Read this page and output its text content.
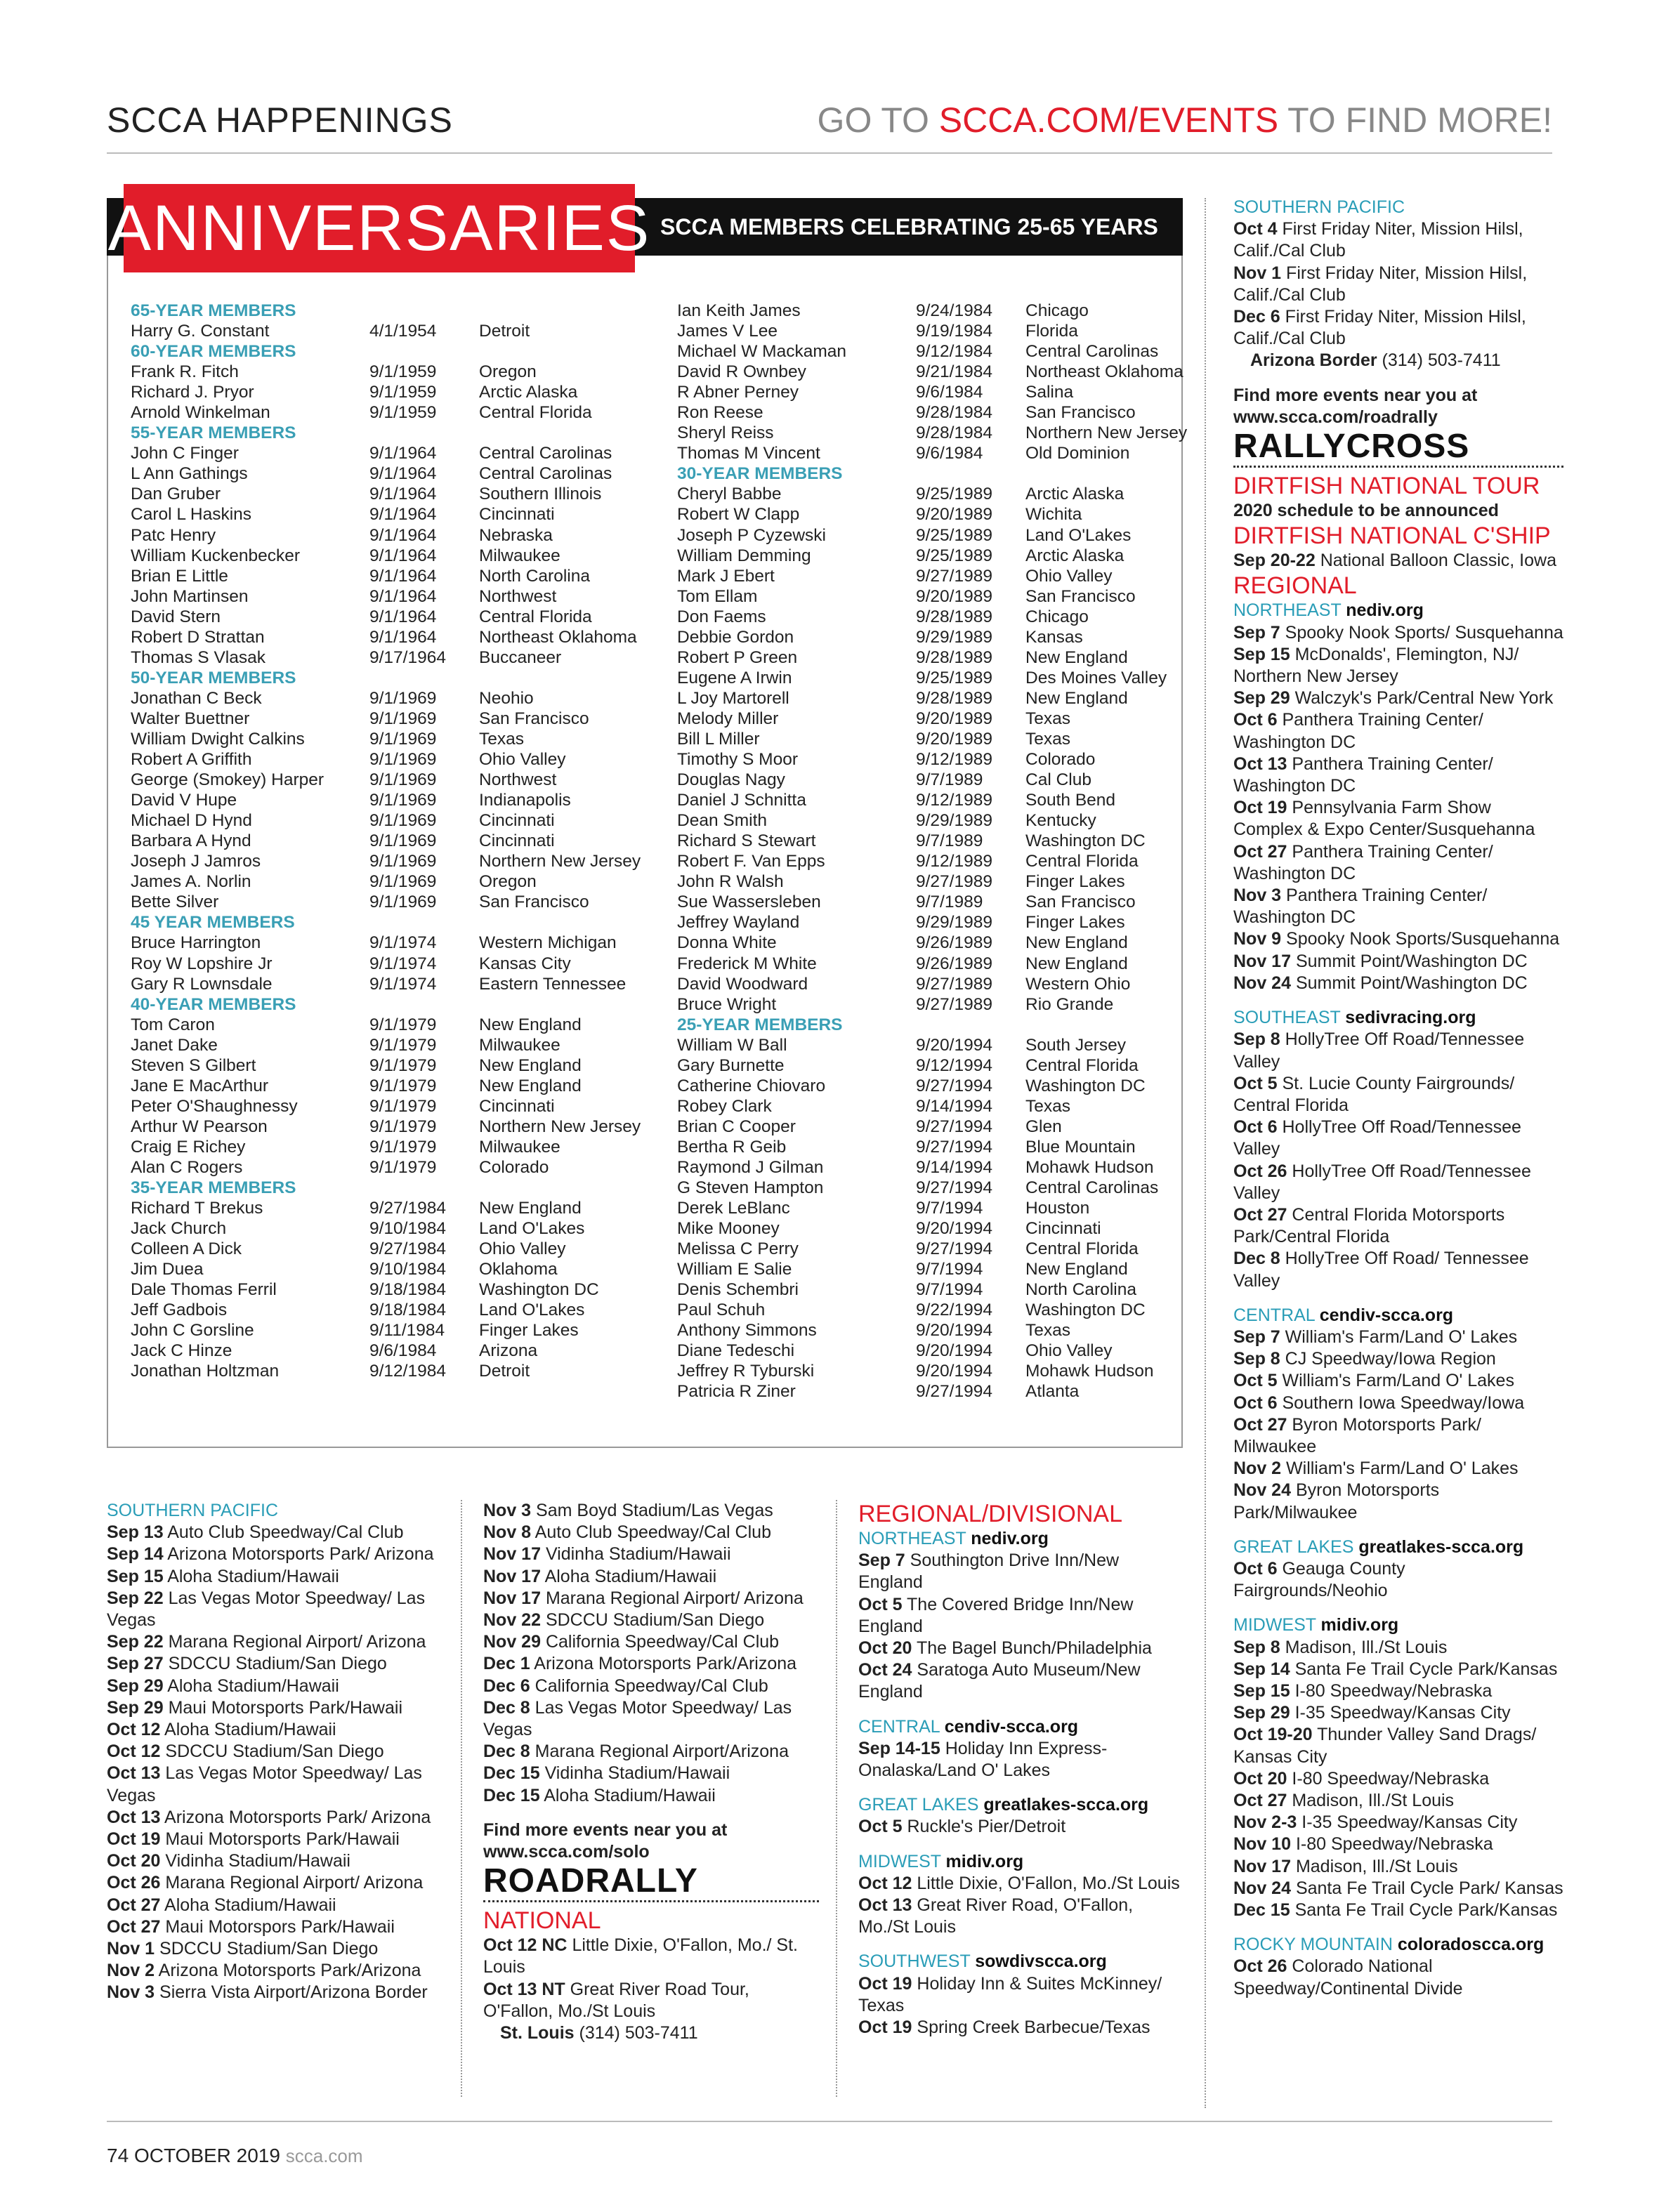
SCCA HAPPENINGS	GO TO SCCA.COM/EVENTS TO FIND MORE!
ANNIVERSARIES SCCA MEMBERS CELEBRATING 25-65 YEARS
65-YEAR MEMBERS
Harry G. Constant	4/1/1954	Detroit
60-YEAR MEMBERS
Frank R. Fitch	9/1/1959	Oregon
Richard J. Pryor	9/1/1959	Arctic Alaska
Arnold Winkelman	9/1/1959	Central Florida
55-YEAR MEMBERS
John C Finger	9/1/1964	Central Carolinas
L Ann Gathings	9/1/1964	Central Carolinas
Dan Gruber	9/1/1964	Southern Illinois
Carol L Haskins	9/1/1964	Cincinnati
Patc Henry	9/1/1964	Nebraska
William Kuckenbecker	9/1/1964	Milwaukee
Brian E Little	9/1/1964	North Carolina
John Martinsen	9/1/1964	Northwest
David Stern	9/1/1964	Central Florida
Robert D Strattan	9/1/1964	Northeast Oklahoma
Thomas S Vlasak	9/17/1964	Buccaneer
50-YEAR MEMBERS
Jonathan C Beck	9/1/1969	Neohio
Walter Buettner	9/1/1969	San Francisco
William Dwight Calkins	9/1/1969	Texas
Robert A Griffith	9/1/1969	Ohio Valley
George (Smokey) Harper	9/1/1969	Northwest
David V Hupe	9/1/1969	Indianapolis
Michael D Hynd	9/1/1969	Cincinnati
Barbara A Hynd	9/1/1969	Cincinnati
Joseph J Jamros	9/1/1969	Northern New Jersey
James A. Norlin	9/1/1969	Oregon
Bette Silver	9/1/1969	San Francisco
45 YEAR MEMBERS
Bruce Harrington	9/1/1974	Western Michigan
Roy W Lopshire Jr	9/1/1974	Kansas City
Gary R Lownsdale	9/1/1974	Eastern Tennessee
40-YEAR MEMBERS
Tom Caron	9/1/1979	New England
Janet Dake	9/1/1979	Milwaukee
Steven S Gilbert	9/1/1979	New England
Jane E MacArthur	9/1/1979	New England
Peter O'Shaughnessy	9/1/1979	Cincinnati
Arthur W Pearson	9/1/1979	Northern New Jersey
Craig E Richey	9/1/1979	Milwaukee
Alan C Rogers	9/1/1979	Colorado
35-YEAR MEMBERS
Richard T Brekus	9/27/1984	New England
Jack Church	9/10/1984	Land O'Lakes
Colleen A Dick	9/27/1984	Ohio Valley
Jim Duea	9/10/1984	Oklahoma
Dale Thomas Ferril	9/18/1984	Washington DC
Jeff Gadbois	9/18/1984	Land O'Lakes
John C Gorsline	9/11/1984	Finger Lakes
Jack C Hinze	9/6/1984	Arizona
Jonathan Holtzman	9/12/1984	Detroit
Ian Keith James	9/24/1984	Chicago
James V Lee	9/19/1984	Florida
Michael W Mackaman	9/12/1984	Central Carolinas
David R Ownbey	9/21/1984	Northeast Oklahoma
R Abner Perney	9/6/1984	Salina
Ron Reese	9/28/1984	San Francisco
Sheryl Reiss	9/28/1984	Northern New Jersey
Thomas M Vincent	9/6/1984	Old Dominion
30-YEAR MEMBERS
Cheryl Babbe	9/25/1989	Arctic Alaska
Robert W Clapp	9/20/1989	Wichita
Joseph P Cyzewski	9/25/1989	Land O'Lakes
William Demming	9/25/1989	Arctic Alaska
Mark J Ebert	9/27/1989	Ohio Valley
Tom Ellam	9/20/1989	San Francisco
Don Faems	9/28/1989	Chicago
Debbie Gordon	9/29/1989	Kansas
Robert P Green	9/28/1989	New England
Eugene A Irwin	9/25/1989	Des Moines Valley
L Joy Martorell	9/28/1989	New England
Melody Miller	9/20/1989	Texas
Bill L Miller	9/20/1989	Texas
Timothy S Moor	9/12/1989	Colorado
Douglas Nagy	9/7/1989	Cal Club
Daniel J Schnitta	9/12/1989	South Bend
Dean Smith	9/29/1989	Kentucky
Richard S Stewart	9/7/1989	Washington DC
Robert F. Van Epps	9/12/1989	Central Florida
John R Walsh	9/27/1989	Finger Lakes
Sue Wassersleben	9/7/1989	San Francisco
Jeffrey Wayland	9/29/1989	Finger Lakes
Donna White	9/26/1989	New England
Frederick M White	9/26/1989	New England
David Woodward	9/27/1989	Western Ohio
Bruce Wright	9/27/1989	Rio Grande
25-YEAR MEMBERS
William W Ball	9/20/1994	South Jersey
Gary Burnette	9/12/1994	Central Florida
Catherine Chiovaro	9/27/1994	Washington DC
Robey Clark	9/14/1994	Texas
Brian C Cooper	9/27/1994	Glen
Bertha R Geib	9/27/1994	Blue Mountain
Raymond J Gilman	9/14/1994	Mohawk Hudson
G Steven Hampton	9/27/1994	Central Carolinas
Derek LeBlanc	9/7/1994	Houston
Mike Mooney	9/20/1994	Cincinnati
Melissa C Perry	9/27/1994	Central Florida
William E Salie	9/7/1994	New England
Denis Schembri	9/7/1994	North Carolina
Paul Schuh	9/22/1994	Washington DC
Anthony Simmons	9/20/1994	Texas
Diane Tedeschi	9/20/1994	Ohio Valley
Jeffrey R Tyburski	9/20/1994	Mohawk Hudson
Patricia R Ziner	9/27/1994	Atlanta
SOUTHERN PACIFIC
Sep 13 Auto Club Speedway/Cal Club
Sep 14 Arizona Motorsports Park/ Arizona
Sep 15 Aloha Stadium/Hawaii
Sep 22 Las Vegas Motor Speedway/ Las Vegas
Sep 22 Marana Regional Airport/ Arizona
Sep 27 SDCCU Stadium/San Diego
Sep 29 Aloha Stadium/Hawaii
Sep 29 Maui Motorsports Park/Hawaii
Oct 12 Aloha Stadium/Hawaii
Oct 12 SDCCU Stadium/San Diego
Oct 13 Las Vegas Motor Speedway/ Las Vegas
Oct 13 Arizona Motorsports Park/ Arizona
Oct 19 Maui Motorsports Park/Hawaii
Oct 20 Vidinha Stadium/Hawaii
Oct 26 Marana Regional Airport/ Arizona
Oct 27 Aloha Stadium/Hawaii
Oct 27 Maui Motorspors Park/Hawaii
Nov 1 SDCCU Stadium/San Diego
Nov 2 Arizona Motorsports Park/Arizona
Nov 3 Sierra Vista Airport/Arizona Border
Nov 3 Sam Boyd Stadium/Las Vegas
Nov 8 Auto Club Speedway/Cal Club
Nov 17 Vidinha Stadium/Hawaii
Nov 17 Aloha Stadium/Hawaii
Nov 17 Marana Regional Airport/ Arizona
Nov 22 SDCCU Stadium/San Diego
Nov 29 California Speedway/Cal Club
Dec 1 Arizona Motorsports Park/Arizona
Dec 6 California Speedway/Cal Club
Dec 8 Las Vegas Motor Speedway/ Las Vegas
Dec 8 Marana Regional Airport/Arizona
Dec 15 Vidinha Stadium/Hawaii
Dec 15 Aloha Stadium/Hawaii
Find more events near you at
www.scca.com/solo
ROADRALLY
NATIONAL
Oct 12 NC Little Dixie, O'Fallon, Mo./ St. Louis
Oct 13 NT Great River Road Tour, O'Fallon, Mo./St Louis
St. Louis (314) 503-7411
REGIONAL/DIVISIONAL
NORTHEAST nediv.org
Sep 7 Southington Drive Inn/New England
Oct 5 The Covered Bridge Inn/New England
Oct 20 The Bagel Bunch/Philadelphia
Oct 24 Saratoga Auto Museum/New England
CENTRAL cendiv-scca.org
Sep 14-15 Holiday Inn Express-Onalaska/Land O' Lakes
GREAT LAKES greatlakes-scca.org
Oct 5 Ruckle's Pier/Detroit
MIDWEST midiv.org
Oct 12 Little Dixie, O'Fallon, Mo./St Louis
Oct 13 Great River Road, O'Fallon, Mo./St Louis
SOUTHWEST sowdivscca.org
Oct 19 Holiday Inn & Suites McKinney/ Texas
Oct 19 Spring Creek Barbecue/Texas
SOUTHERN PACIFIC
Oct 4 First Friday Niter, Mission Hilsl, Calif./Cal Club
Nov 1 First Friday Niter, Mission Hilsl, Calif./Cal Club
Dec 6 First Friday Niter, Mission Hilsl, Calif./Cal Club
Arizona Border (314) 503-7411
Find more events near you at
www.scca.com/roadrally
RALLYCROSS
DIRTFISH NATIONAL TOUR
2020 schedule to be announced
DIRTFISH NATIONAL C'SHIP
Sep 20-22 National Balloon Classic, Iowa
REGIONAL
NORTHEAST nediv.org
Sep 7 Spooky Nook Sports/ Susquehanna
Sep 15 McDonalds', Flemington, NJ/ Northern New Jersey
Sep 29 Walczyk's Park/Central New York
Oct 6 Panthera Training Center/ Washington DC
Oct 13 Panthera Training Center/ Washington DC
Oct 19 Pennsylvania Farm Show Complex & Expo Center/Susquehanna
Oct 27 Panthera Training Center/ Washington DC
Nov 3 Panthera Training Center/ Washington DC
Nov 9 Spooky Nook Sports/Susquehanna
Nov 17 Summit Point/Washington DC
Nov 24 Summit Point/Washington DC
SOUTHEAST sedivracing.org
Sep 8 HollyTree Off Road/Tennessee Valley
Oct 5 St. Lucie County Fairgrounds/ Central Florida
Oct 6 HollyTree Off Road/Tennessee Valley
Oct 26 HollyTree Off Road/Tennessee Valley
Oct 27 Central Florida Motorsports Park/Central Florida
Dec 8 HollyTree Off Road/ Tennessee Valley
CENTRAL cendiv-scca.org
Sep 7 William's Farm/Land O' Lakes
Sep 8 CJ Speedway/Iowa Region
Oct 5 William's Farm/Land O' Lakes
Oct 6 Southern Iowa Speedway/Iowa
Oct 27 Byron Motorsports Park/ Milwaukee
Nov 2 William's Farm/Land O' Lakes
Nov 24 Byron Motorsports Park/Milwaukee
GREAT LAKES greatlakes-scca.org
Oct 6 Geauga County Fairgrounds/Neohio
MIDWEST midiv.org
Sep 8 Madison, Ill./St Louis
Sep 14 Santa Fe Trail Cycle Park/Kansas
Sep 15 I-80 Speedway/Nebraska
Sep 29 I-35 Speedway/Kansas City
Oct 19-20 Thunder Valley Sand Drags/ Kansas City
Oct 20 I-80 Speedway/Nebraska
Oct 27 Madison, Ill./St Louis
Nov 2-3 I-35 Speedway/Kansas City
Nov 10 I-80 Speedway/Nebraska
Nov 17 Madison, Ill./St Louis
Nov 24 Santa Fe Trail Cycle Park/ Kansas
Dec 15 Santa Fe Trail Cycle Park/Kansas
ROCKY MOUNTAIN coloradoscca.org
Oct 26 Colorado National Speedway/Continental Divide
74 OCTOBER 2019 scca.com
